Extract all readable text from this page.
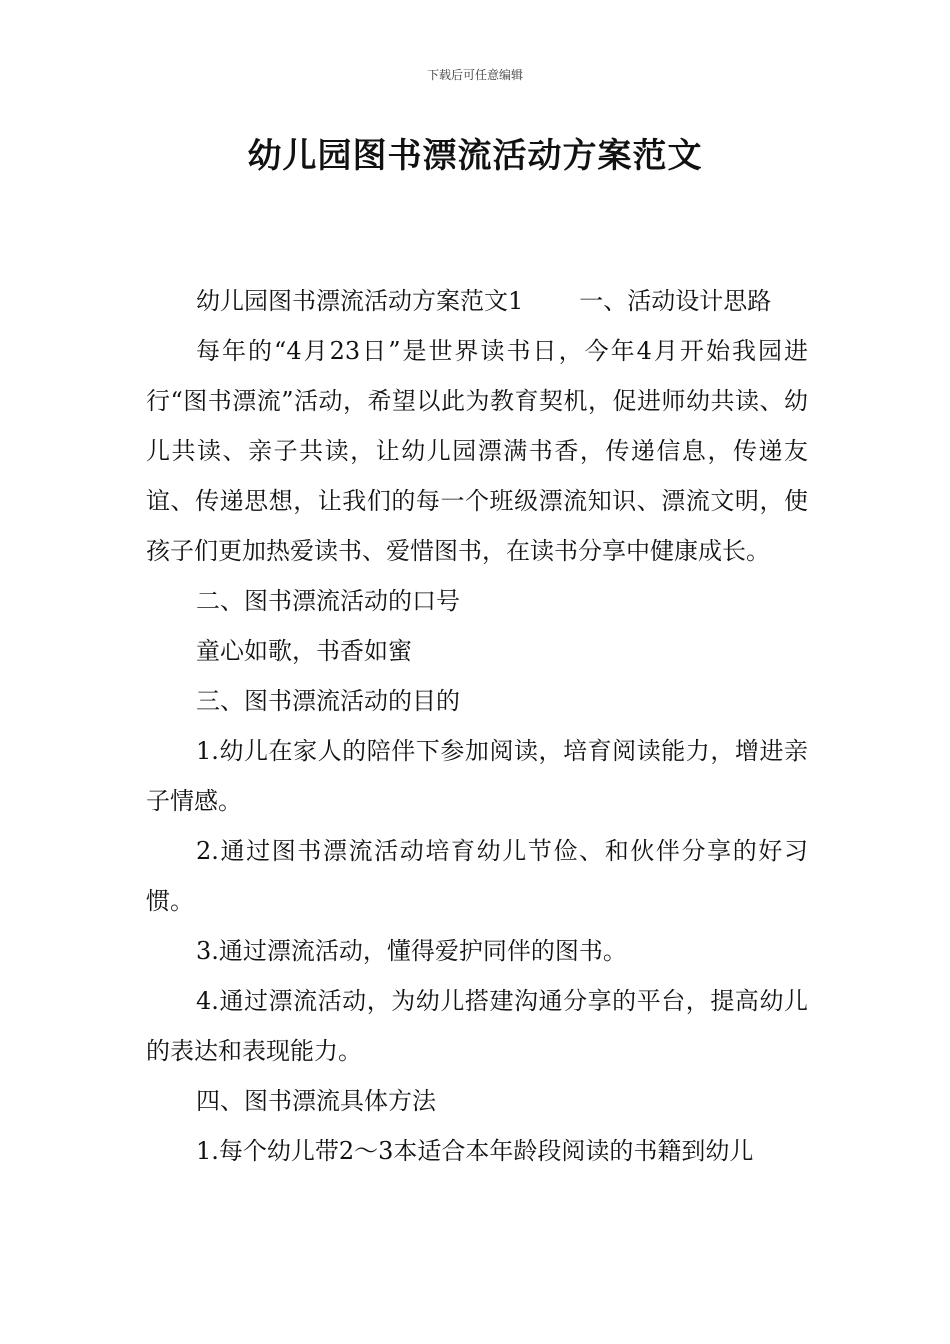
下载后可任意编辑
幼儿园图书漂流活动方案范文

幼儿园图书漂流活动方案范文1 一、活动设计思路

每年的“4月23日”是世界读书日，今年4月开始我园进行“图书漂流”活动，希望以此为教育契机，促进师幼共读、幼儿共读、亲子共读，让幼儿园漂满书香，传递信息，传递友谊、传递思想，让我们的每一个班级漂流知识、漂流文明，使孩子们更加热爱读书、爱惜图书，在读书分享中健康成长。

二、图书漂流活动的口号

童心如歌，书香如蜜

三、图书漂流活动的目的

1.幼儿在家人的陪伴下参加阅读，培育阅读能力，增进亲子情感。

2.通过图书漂流活动培育幼儿节俭、和伙伴分享的好习惯。

3.通过漂流活动，懂得爱护同伴的图书。

4.通过漂流活动，为幼儿搭建沟通分享的平台，提高幼儿的表达和表现能力。

四、图书漂流具体方法

1.每个幼儿带2～3本适合本年龄段阅读的书籍到幼儿
